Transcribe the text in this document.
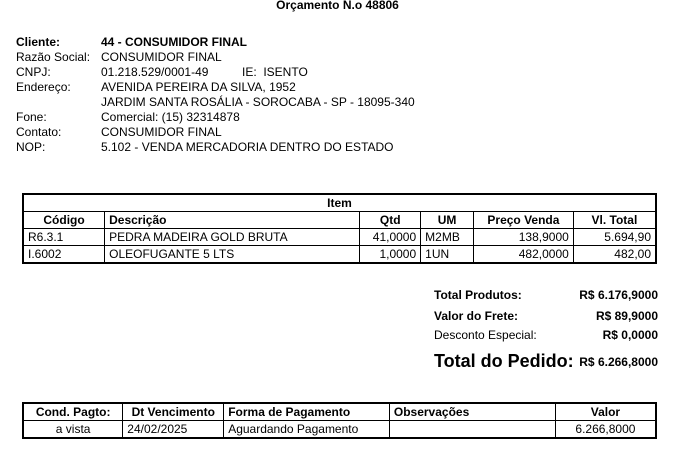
Orçamento N.o 48806
Cliente:	44 - CONSUMIDOR FINAL
Razão Social: CONSUMIDOR FINAL
CNPJ:	01.218.529/0001-49	IE: ISENTO
Endereço:	AVENIDA PEREIRA DA SILVA, 1952
JARDIM SANTA ROSÁLIA - SOROCABA - SP - 18095-340
Fone:	Comercial: (15) 32314878
Contato:	CONSUMIDOR FINAL
NOP:	5.102 - VENDA MERCADORIA DENTRO DO ESTADO
Item					
Código	Descrição	Qtd	UM	Preço Venda	Vl. Total
R6.3.1	PEDRA MADEIRA GOLD BRUTA	41,0000	M2MB	138,9000	5.694,90
I.6002	OLEOFUGANTE 5 LTS	1,0000	1UN	482,0000	482,00
Total Produtos:	R$ 6.176,9000
Valor do Frete:	R$ 89,9000
Desconto Especial:	R$ 0,0000
Total do Pedido: R$ 6.266,8000
Cond. Pagto:	Dt Vencimento	Forma de Pagamento	Observações	Valor
a vista	24/02/2025	Aguardando Pagamento		6.266,8000
